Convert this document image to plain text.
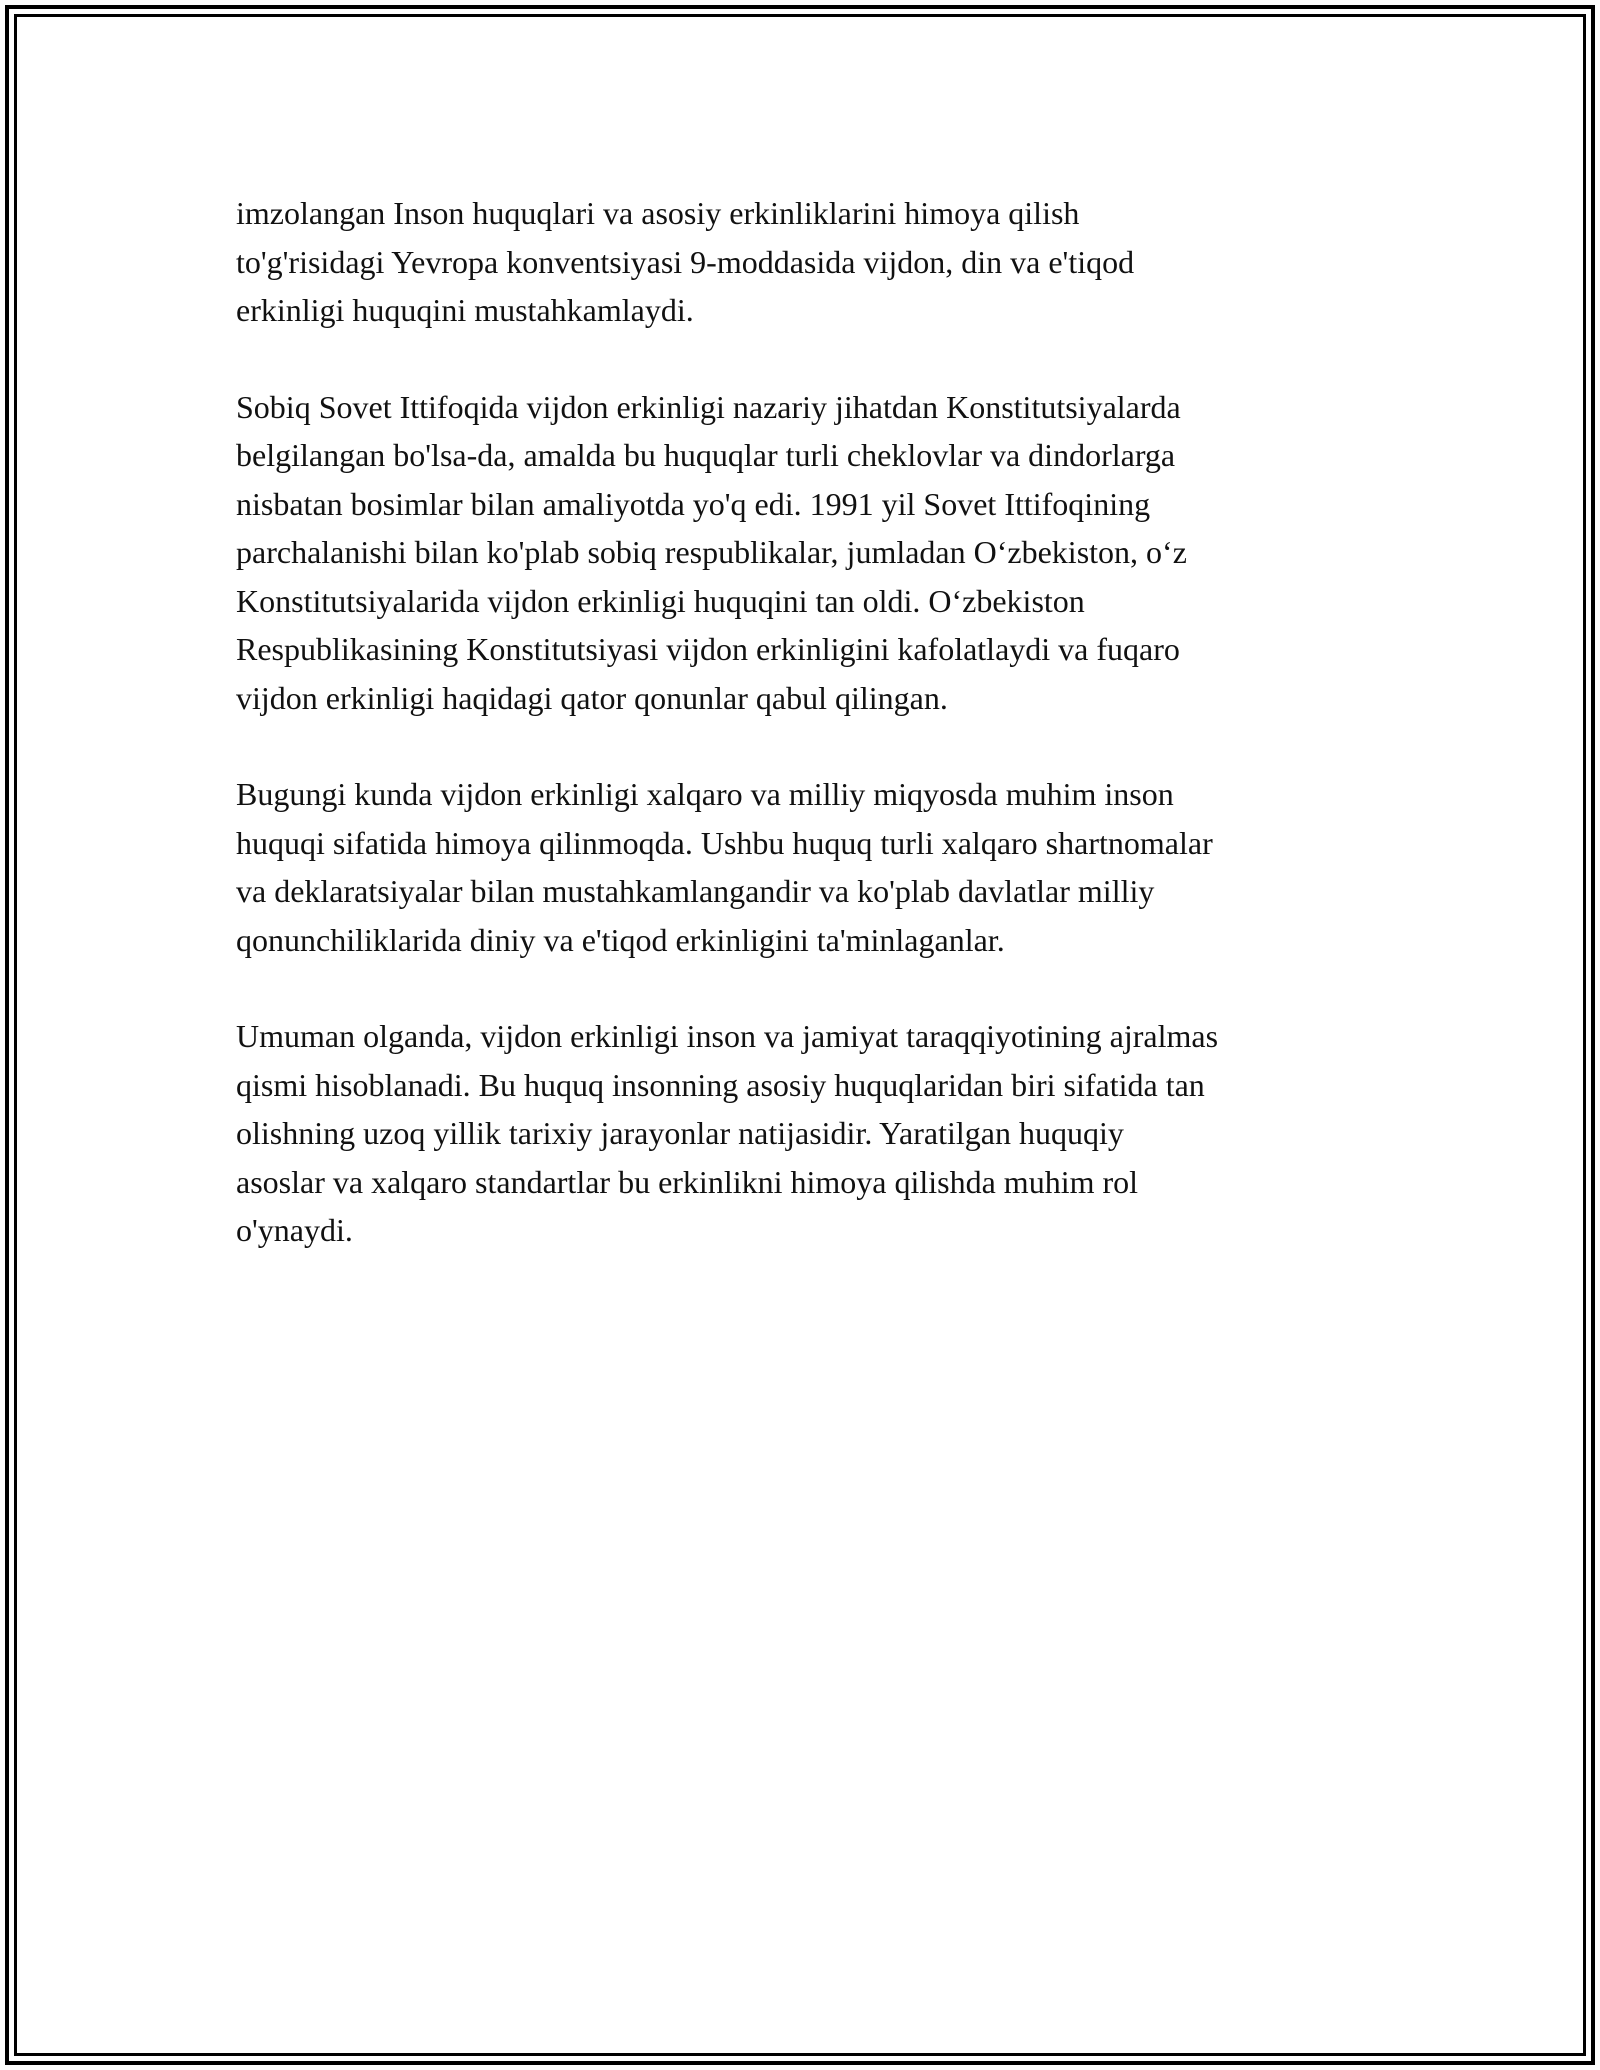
imzolangan Inson huquqlari va asosiy erkinliklarini himoya qilish
to'g'risidagi Yevropa konventsiyasi 9-moddasida vijdon, din va e'tiqod
erkinligi huquqini mustahkamlaydi.

Sobiq Sovet Ittifoqida vijdon erkinligi nazariy jihatdan Konstitutsiyalarda
belgilangan bo'lsa-da, amalda bu huquqlar turli cheklovlar va dindorlarga
nisbatan bosimlar bilan amaliyotda yo'q edi. 1991 yil Sovet Ittifoqining
parchalanishi bilan ko'plab sobiq respublikalar, jumladan O‘zbekiston, o‘z
Konstitutsiyalarida vijdon erkinligi huquqini tan oldi. O‘zbekiston
Respublikasining Konstitutsiyasi vijdon erkinligini kafolatlaydi va fuqaro
vijdon erkinligi haqidagi qator qonunlar qabul qilingan.

Bugungi kunda vijdon erkinligi xalqaro va milliy miqyosda muhim inson
huquqi sifatida himoya qilinmoqda. Ushbu huquq turli xalqaro shartnomalar
va deklaratsiyalar bilan mustahkamlangandir va ko'plab davlatlar milliy
qonunchiliklarida diniy va e'tiqod erkinligini ta'minlaganlar.

Umuman olganda, vijdon erkinligi inson va jamiyat taraqqiyotining ajralmas
qismi hisoblanadi. Bu huquq insonning asosiy huquqlaridan biri sifatida tan
olishning uzoq yillik tarixiy jarayonlar natijasidir. Yaratilgan huquqiy
asoslar va xalqaro standartlar bu erkinlikni himoya qilishda muhim rol
o'ynaydi.
